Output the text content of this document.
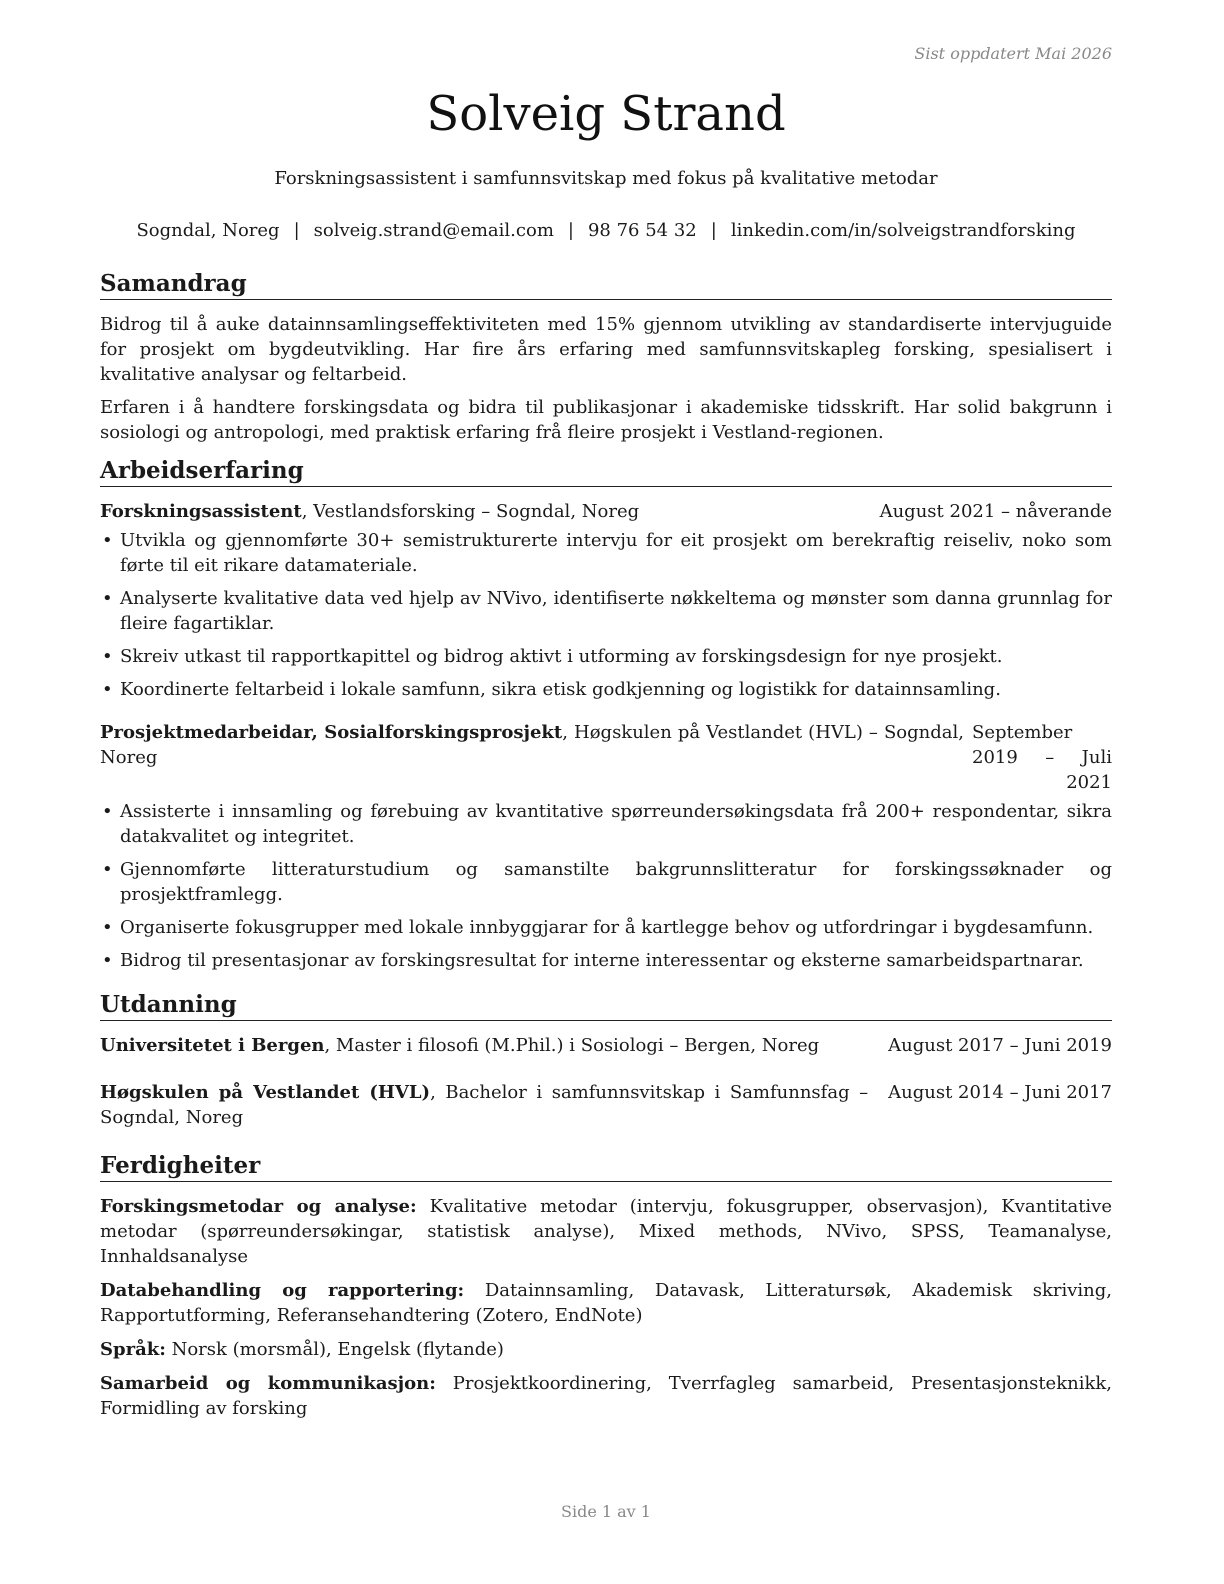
Sist oppdatert Mai 2026
Solveig Strand
Forskningsassistent i samfunnsvitskap med fokus på kvalitative metodar
Sogndal, Noreg | solveig.strand@email.com | 98 76 54 32 | linkedin.com/in/solveigstrandforsking
Samandrag

Bidrog til å auke datainnsamlingseffektiviteten med 15% gjennom utvikling av standardiserte intervjuguide for prosjekt om bygdeutvikling. Har fire års erfaring med samfunnsvitskapleg forsking, spesialisert i kvalitative analysar og feltarbeid.

Erfaren i å handtere forskingsdata og bidra til publikasjonar i akademiske tidsskrift. Har solid bakgrunn i sosiologi og antropologi, med praktisk erfaring frå fleire prosjekt i Vestland-regionen.

Arbeidserfaring
Forskningsassistent, Vestlandsforsking – Sogndal, Noreg	August 2021 – nåverande
• Utvikla og gjennomførte 30+ semistrukturerte intervju for eit prosjekt om berekraftig reiseliv, noko som førte til eit rikare datamateriale.
• Analyserte kvalitative data ved hjelp av NVivo, identifiserte nøkkeltema og mønster som danna grunnlag for fleire fagartiklar.
• Skreiv utkast til rapportkapittel og bidrog aktivt i utforming av forskingsdesign for nye prosjekt.
• Koordinerte feltarbeid i lokale samfunn, sikra etisk godkjenning og logistikk for datainnsamling.
Prosjektmedarbeidar, Sosialforskingsprosjekt, Høgskulen på Vestlandet (HVL) – Sogndal, Noreg
September 2019 – Juli 2021
• Assisterte i innsamling og førebuing av kvantitative spørreundersøkingsdata frå 200+ respondentar, sikra datakvalitet og integritet.
• Gjennomførte litteraturstudium og samanstilte bakgrunnslitteratur for forskingssøknader og prosjektframlegg.
• Organiserte fokusgrupper med lokale innbyggjarar for å kartlegge behov og utfordringar i bygdesamfunn.
• Bidrog til presentasjonar av forskingsresultat for interne interessentar og eksterne samarbeidspartnarar.
Utdanning
Universitetet i Bergen, Master i filosofi (M.Phil.) i Sosiologi – Bergen, Noreg	August 2017 – Juni 2019
Høgskulen på Vestlandet (HVL), Bachelor i samfunnsvitskap i Samfunnsfag – Sogndal, Noreg
August 2014 – Juni 2017
Ferdigheiter
Forskingsmetodar og analyse: Kvalitative metodar (intervju, fokusgrupper, observasjon), Kvantitative metodar (spørreundersøkingar, statistisk analyse), Mixed methods, NVivo, SPSS, Teamanalyse, Innhaldsanalyse
Databehandling og rapportering: Datainnsamling, Datavask, Litteratursøk, Akademisk skriving, Rapportutforming, Referansehandtering (Zotero, EndNote)
Språk: Norsk (morsmål), Engelsk (flytande)
Samarbeid og kommunikasjon: Prosjektkoordinering, Tverrfagleg samarbeid, Presentasjonsteknikk, Formidling av forsking
Side 1 av 1
